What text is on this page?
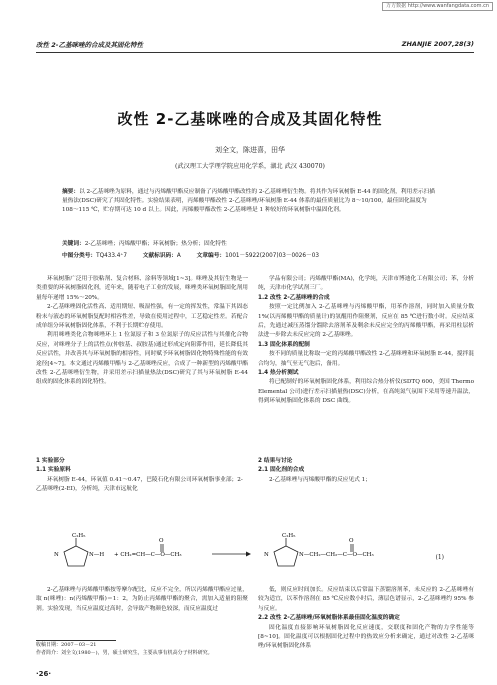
万方数据 http://www.wanfangdata.com.cn
改性 2-乙基咪唑的合成及其固化特性	ZHANJIE 2007,28(3)
改性 2-乙基咪唑的合成及其固化特性
刘全文，陈进喜，田华
(武汉理工大学理学院应用化学系，湖北 武汉 430070)
摘要：以 2-乙基咪唑为原料，通过与丙烯酸甲酯反应制备了丙烯酸甲酯改性的 2-乙基咪唑衍生物。将其作为环氧树脂 E-44 的固化剂，利用差示扫描量热法(DSC)研究了其固化特性。实验结果表明，丙烯酸甲酯改性 2-乙基咪唑/环氧树脂 E-44 体系的最佳质量比为 8～10/100，最佳固化温度为 108～115 ℃，贮存期可达 10 d 以上。因此，丙烯酸甲酯改性 2-乙基咪唑是 1 种较好的环氧树脂中温固化剂。
关键词：2-乙基咪唑；丙烯酸甲酯；环氧树脂；热分析；固化特性
中图分类号：TQ433.4⁺7	文献标识码：A	文章编号：1001－5922(2007)03－0026－03

环氧树脂广泛用于胶粘剂、复合材料、涂料等领域[1~3]。咪唑及其衍生物是一类重要的环氧树脂固化剂，近年来，随着电子工业的发展，咪唑类环氧树脂固化剂用量每年递增 15%～20%。

2-乙基咪唑固化活性高、适用期短、吸湿性强，有一定的挥发性，常温下其固态粉末与液态的环氧树脂复配时相容性差，导致在使用过程中，工艺稳定性差。若配合成单组分环氧树脂固化体系，不利于长期贮存使用。

利用咪唑类化合物咪唑环上 1 位氮原子和 3 位氮原子的反应活性与其催化合物反应，对咪唑分子上的活性点(仲胺基、叔胺基)通过形成定向阻滞作用，延长降低其反应活性，并改善其与环氧树脂的相容性，同时赋予环氧树脂固化物特殊性能的有效途径[4~7]。本文通过丙烯酸甲酯与 2-乙基咪唑反应，合成了一种新型的丙烯酸甲酯改性 2-乙基咪唑衍生物，并采用差示扫描量热法(DSC)研究了其与环氧树脂 E-44 组成的固化体系的固化特性。

学品有限公司；丙烯酸甲酯(MA)，化学纯，天津市博迪化工有限公司；苯，分析纯，天津市化学试剂三厂。

1.2 改性 2-乙基咪唑的合成

按照一定比例加入 2-乙基咪唑与丙烯酸甲酯，用苯作溶剂，同时加入质量分数 1%(以丙烯酸甲酯的质量计)的氢醌用作阻聚剂，反应在 85 ℃进行数小时。反应结束后，先通过减压蒸馏分馏除去溶剂苯及剩余未反应完全的丙烯酸甲酯，再采用柱层析法进一步除去未反应完的 2-乙基咪唑。

1.3 固化体系的配制

按不同的质量比称取一定的丙烯酸甲酯改性 2-乙基咪唑和环氧树脂 E-44，搅拌混合均匀，抽气至无气泡后，备用。

1.4 热分析测试

将已配制好的环氧树脂固化体系，利用综合热分析仪(SDTQ 600，美国 Thermo Elemental 公司)进行差示扫描量热(DSC)分析，在高纯氮气氛围下采用等速升温法，得到环氧树脂固化体系的 DSC 曲线。

1 实验部分

1.1 实验原料

环氧树脂 E-44，环氧值 0.41～0.47，巴陵石化有限公司环氧树脂事业部；2-乙基咪唑(2-EI)，分析纯，天津市远航化

2 结果与讨论

2.1 固化剂的合成

2-乙基咪唑与丙烯酸甲酯的反应见式 1；

C₂H₅
N	N—H + CH₂=CH—C—O—CH₃
O
C₂H₅
N	N—CH₂—CH₂—C—O—CH₃
O
(1)

2-乙基咪唑与丙烯酸甲酯按等摩尔配比，反应不完全，所以丙烯酸甲酯应过量，取 n(咪唑)：n(丙烯酸甲酯)＝1：2，为防止丙烯酸甲酯的聚合，需加入适量的阻聚剂。实验发现，当反应温度过高时，会导致产物颜色较深，而反应温度过

低，则反应时间加长。反应结束以后常温下蒸馏溶剂苯，未反应的 2-乙基咪唑有较为适宜，以苯作溶剂在 85 ℃反应数小时后，薄层色谱显示，2-乙基咪唑约 95% 参与反应。

2.2 改性 2-乙基咪唑/环氧树脂体系最佳固化温度的确定

固化温度直接影响环氧树脂固化反应速度，交联度和固化产物的力学性能等[8~10]。固化温度可以根据固化过程中的热效应分析来确定，通过对改性 2-乙基咪唑/环氧树脂固化体系

收稿日期：2007－03－21
作者简介：刘全文(1980－)，男，硕士研究生，主要从事有机高分子材料研究。
·26·
